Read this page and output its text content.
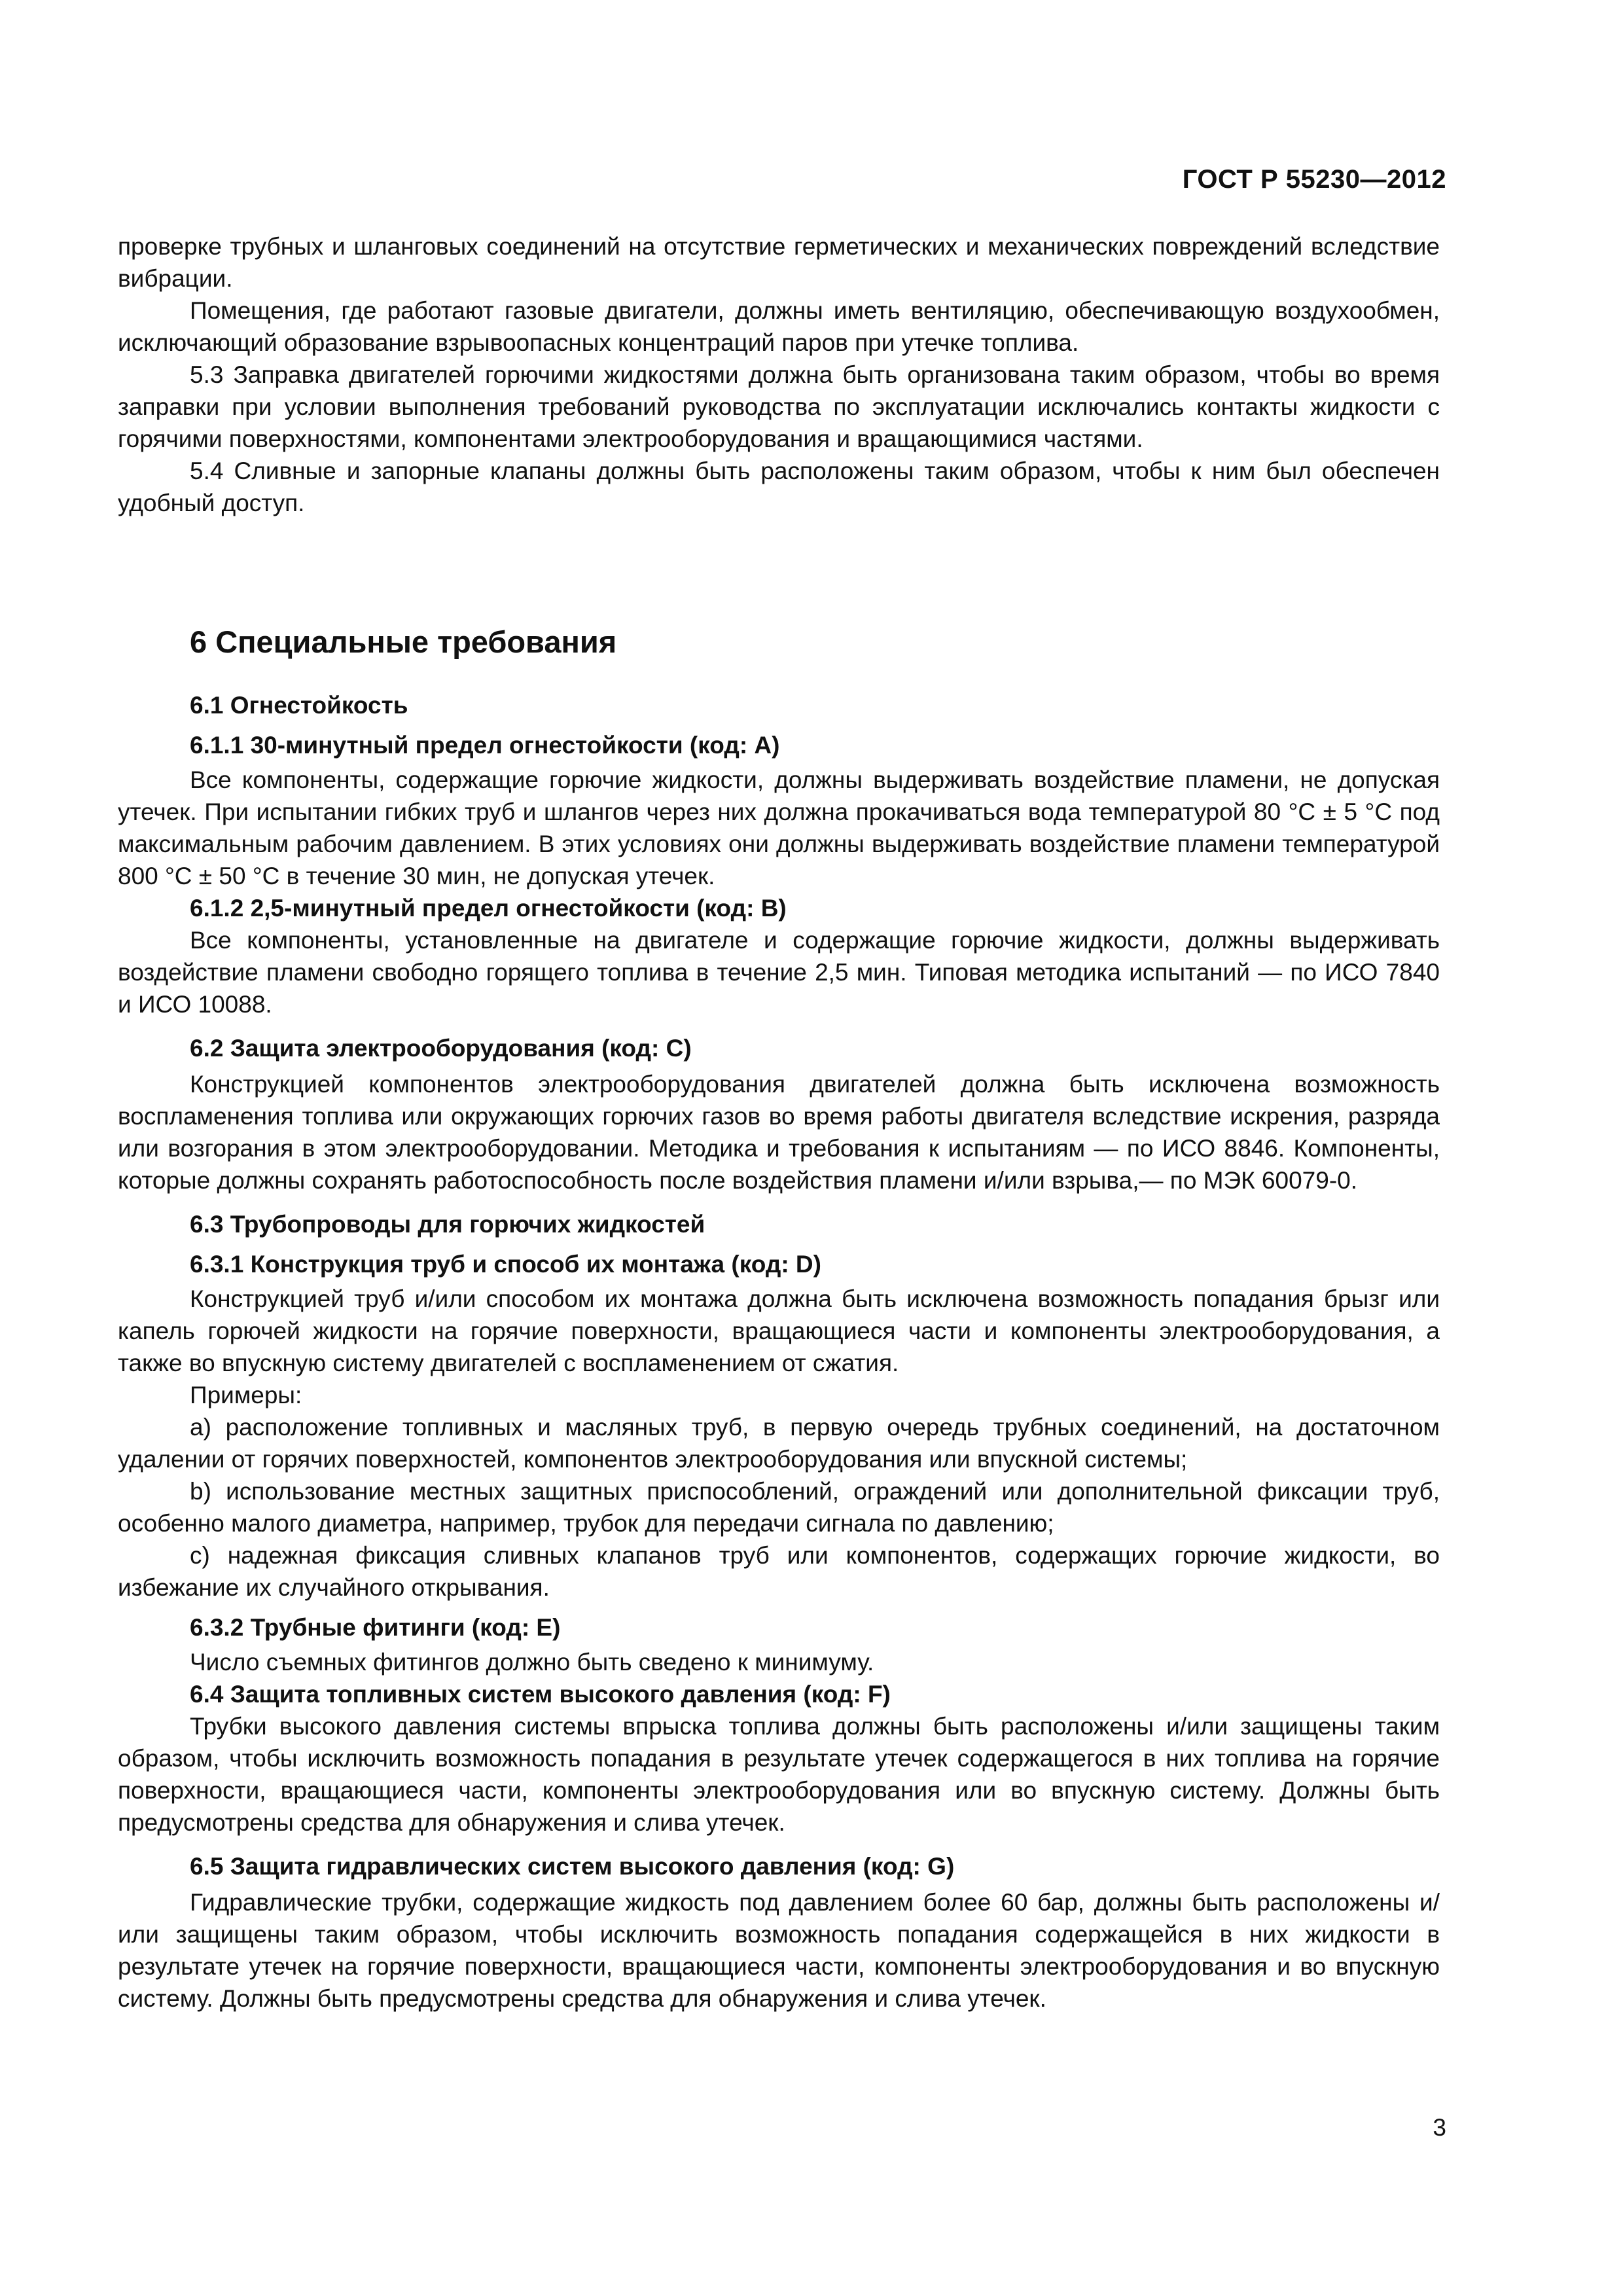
ГОСТ Р 55230—2012

проверке трубных и шланговых соединений на отсутствие герметических и механических повреждений вследствие вибрации.

Помещения, где работают газовые двигатели, должны иметь вентиляцию, обеспечивающую воздухообмен, исключающий образование взрывоопасных концентраций паров при утечке топлива.

5.3 Заправка двигателей горючими жидкостями должна быть организована таким образом, чтобы во время заправки при условии выполнения требований руководства по эксплуатации исключались контакты жидкости с горячими поверхностями, компонентами электрооборудования и вращающимися частями.

5.4 Сливные и запорные клапаны должны быть расположены таким образом, чтобы к ним был обеспечен удобный доступ.

6 Специальные требования
6.1 Огнестойкость
6.1.1 30-минутный предел огнестойкости (код: A)

Все компоненты, содержащие горючие жидкости, должны выдерживать воздействие пламени, не допуская утечек. При испытании гибких труб и шлангов через них должна прокачиваться вода температурой 80 °С ± 5 °С под максимальным рабочим давлением. В этих условиях они должны выдерживать воздействие пламени температурой 800 °С ± 50 °С в течение 30 мин, не допуская утечек.

6.1.2 2,5-минутный предел огнестойкости (код: B)

Все компоненты, установленные на двигателе и содержащие горючие жидкости, должны выдерживать воздействие пламени свободно горящего топлива в течение 2,5 мин. Типовая методика испытаний — по ИСО 7840 и ИСО 10088.

6.2 Защита электрооборудования (код: C)

Конструкцией компонентов электрооборудования двигателей должна быть исключена возможность воспламенения топлива или окружающих горючих газов во время работы двигателя вследствие искрения, разряда или возгорания в этом электрооборудовании. Методика и требования к испытаниям — по ИСО 8846. Компоненты, которые должны сохранять работоспособность после воздействия пламени и/или взрыва,— по МЭК 60079-0.

6.3 Трубопроводы для горючих жидкостей
6.3.1 Конструкция труб и способ их монтажа (код: D)

Конструкцией труб и/или способом их монтажа должна быть исключена возможность попадания брызг или капель горючей жидкости на горячие поверхности, вращающиеся части и компоненты электрооборудования, а также во впускную систему двигателей с воспламенением от сжатия.

Примеры:

a) расположение топливных и масляных труб, в первую очередь трубных соединений, на достаточном удалении от горячих поверхностей, компонентов электрооборудования или впускной системы;

b) использование местных защитных приспособлений, ограждений или дополнительной фиксации труб, особенно малого диаметра, например, трубок для передачи сигнала по давлению;

c) надежная фиксация сливных клапанов труб или компонентов, содержащих горючие жидкости, во избежание их случайного открывания.

6.3.2 Трубные фитинги (код: E)

Число съемных фитингов должно быть сведено к минимуму.

6.4 Защита топливных систем высокого давления (код: F)

Трубки высокого давления системы впрыска топлива должны быть расположены и/или защищены таким образом, чтобы исключить возможность попадания в результате утечек содержащегося в них топлива на горячие поверхности, вращающиеся части, компоненты электрооборудования или во впускную систему. Должны быть предусмотрены средства для обнаружения и слива утечек.

6.5 Защита гидравлических систем высокого давления (код: G)

Гидравлические трубки, содержащие жидкость под давлением более 60 бар, должны быть расположены и/или защищены таким образом, чтобы исключить возможность попадания содержащейся в них жидкости в результате утечек на горячие поверхности, вращающиеся части, компоненты электрооборудования и во впускную систему. Должны быть предусмотрены средства для обнаружения и слива утечек.

3
